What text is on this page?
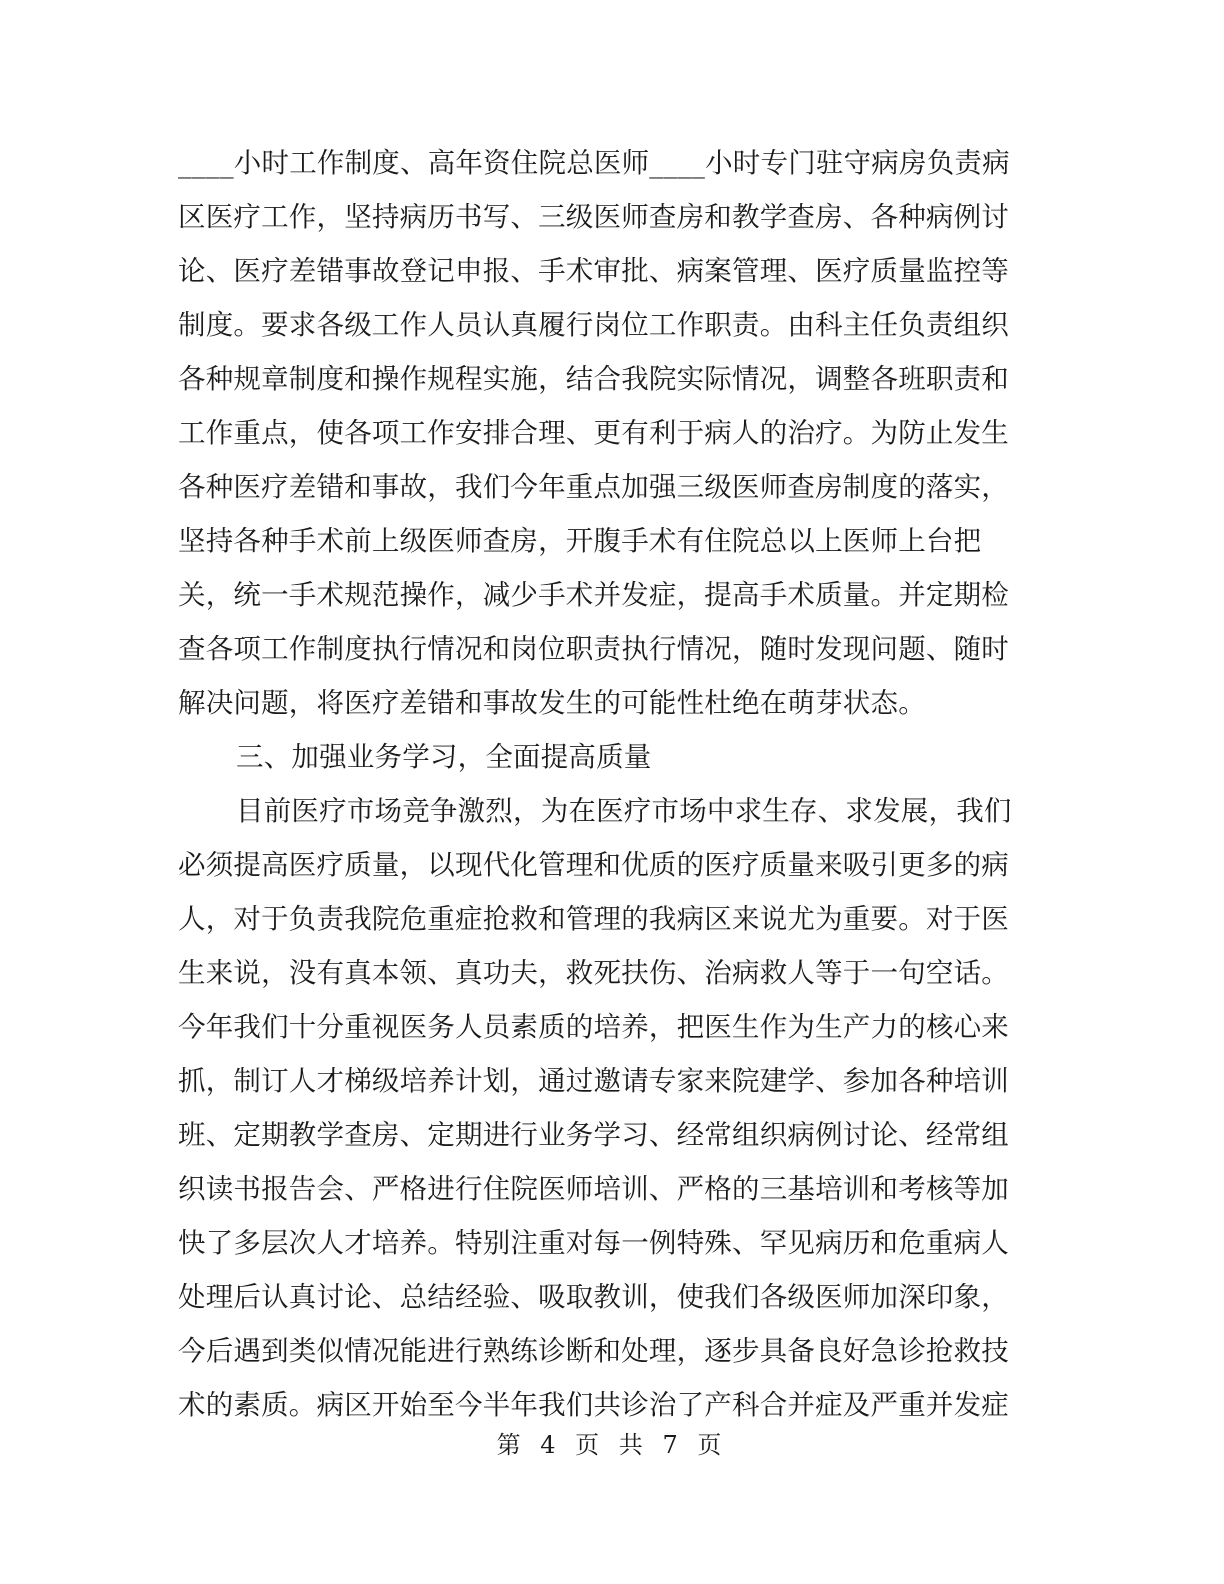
____小时工作制度、高年资住院总医师____小时专门驻守病房负责病
区医疗工作，坚持病历书写、三级医师查房和教学查房、各种病例讨
论、医疗差错事故登记申报、手术审批、病案管理、医疗质量监控等
制度。要求各级工作人员认真履行岗位工作职责。由科主任负责组织
各种规章制度和操作规程实施，结合我院实际情况，调整各班职责和
工作重点，使各项工作安排合理、更有利于病人的治疗。为防止发生
各种医疗差错和事故，我们今年重点加强三级医师查房制度的落实，
坚持各种手术前上级医师查房，开腹手术有住院总以上医师上台把
关，统一手术规范操作，减少手术并发症，提高手术质量。并定期检
查各项工作制度执行情况和岗位职责执行情况，随时发现问题、随时
解决问题，将医疗差错和事故发生的可能性杜绝在萌芽状态。
三、加强业务学习，全面提高质量
目前医疗市场竞争激烈，为在医疗市场中求生存、求发展，我们
必须提高医疗质量，以现代化管理和优质的医疗质量来吸引更多的病
人，对于负责我院危重症抢救和管理的我病区来说尤为重要。对于医
生来说，没有真本领、真功夫，救死扶伤、治病救人等于一句空话。
今年我们十分重视医务人员素质的培养，把医生作为生产力的核心来
抓，制订人才梯级培养计划，通过邀请专家来院建学、参加各种培训
班、定期教学查房、定期进行业务学习、经常组织病例讨论、经常组
织读书报告会、严格进行住院医师培训、严格的三基培训和考核等加
快了多层次人才培养。特别注重对每一例特殊、罕见病历和危重病人
处理后认真讨论、总结经验、吸取教训，使我们各级医师加深印象，
今后遇到类似情况能进行熟练诊断和处理，逐步具备良好急诊抢救技
术的素质。病区开始至今半年我们共诊治了产科合并症及严重并发症
第 4 页 共 7 页
